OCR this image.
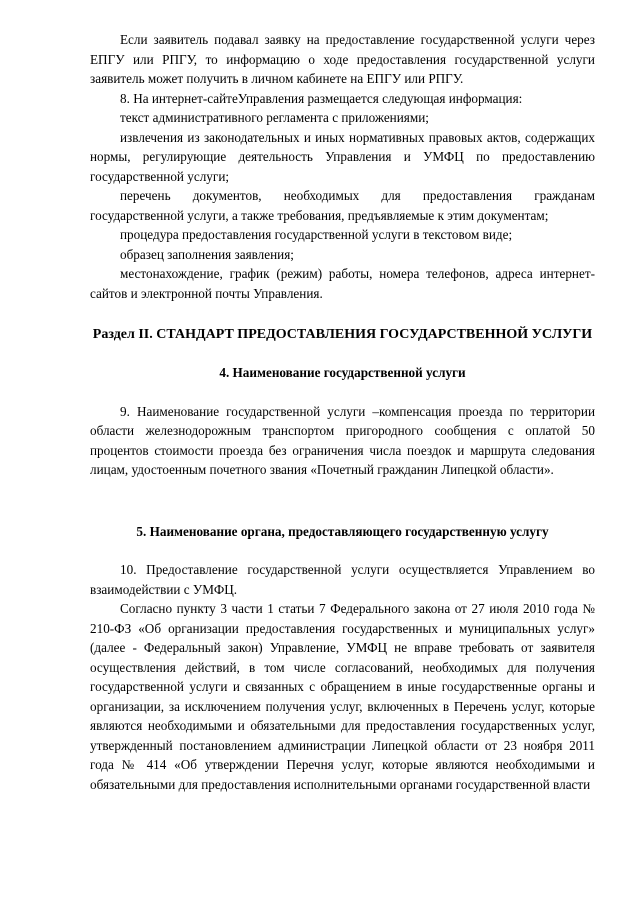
Если заявитель подавал заявку на предоставление государственной услуги через ЕПГУ или РПГУ, то информацию о ходе предоставления государственной услуги заявитель может получить в личном кабинете на ЕПГУ или РПГУ.

8. На интернет-сайтеУправления размещается следующая информация:

текст административного регламента с приложениями;

извлечения из законодательных и иных нормативных правовых актов, содержащих нормы, регулирующие деятельность Управления и УМФЦ по предоставлению государственной услуги;

перечень документов, необходимых для предоставления гражданам государственной услуги, а также требования, предъявляемые к этим документам;

процедура предоставления государственной услуги в текстовом виде;

образец заполнения заявления;

местонахождение, график (режим) работы, номера телефонов, адреса интернет-сайтов и электронной почты Управления.

Раздел II. СТАНДАРТ ПРЕДОСТАВЛЕНИЯ ГОСУДАРСТВЕННОЙ УСЛУГИ

4. Наименование государственной услуги

9. Наименование государственной услуги –компенсация проезда по территории области железнодорожным транспортом пригородного сообщения с оплатой 50 процентов стоимости проезда без ограничения числа поездок и маршрута следования лицам, удостоенным почетного звания «Почетный гражданин Липецкой области».

5. Наименование органа, предоставляющего государственную услугу

10. Предоставление государственной услуги осуществляется Управлением во взаимодействии с УМФЦ.

Согласно пункту 3 части 1 статьи 7 Федерального закона от 27 июля 2010 года № 210-ФЗ «Об организации предоставления государственных и муниципальных услуг» (далее - Федеральный закон) Управление, УМФЦ не вправе требовать от заявителя осуществления действий, в том числе согласований, необходимых для получения государственной услуги и связанных с обращением в иные государственные органы и организации, за исключением получения услуг, включенных в Перечень услуг, которые являются необходимыми и обязательными для предоставления государственных услуг, утвержденный постановлением администрации Липецкой области от 23 ноября 2011 года № 414 «Об утверждении Перечня услуг, которые являются необходимыми и обязательными для предоставления исполнительными органами государственной власти
